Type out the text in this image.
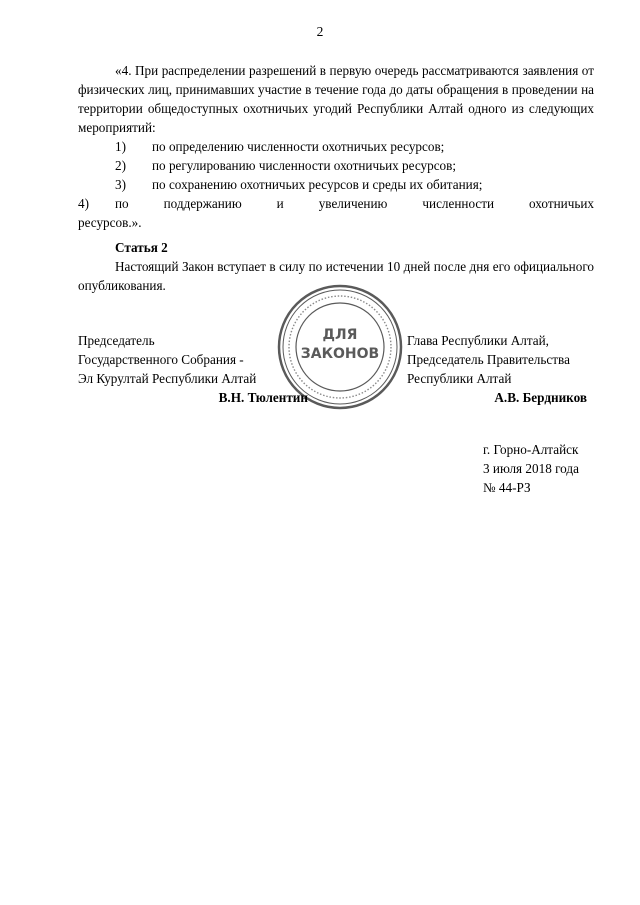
2

«4. При распределении разрешений в первую очередь рассматриваются заявления от физических лиц, принимавших участие в течение года до даты обращения в проведении на территории общедоступных охотничьих угодий Республики Алтай одного из следующих мероприятий:

1) по определению численности охотничьих ресурсов;
2) по регулированию численности охотничьих ресурсов;
3) по сохранению охотничьих ресурсов и среды их обитания;
4)	по поддержанию и увеличению численности охотничьих
ресурсов.».

Статья 2

Настоящий Закон вступает в силу по истечении 10 дней после дня его официального опубликования.

ДЛЯ
ЗАКОНОВ
Председатель
Государственного Собрания -
Эл Курултай Республики Алтай
В.Н. Тюлентин
Глава Республики Алтай,
Председатель Правительства
Республики Алтай
А.В. Бердников
г. Горно-Алтайск
3 июля 2018 года
№ 44-РЗ
